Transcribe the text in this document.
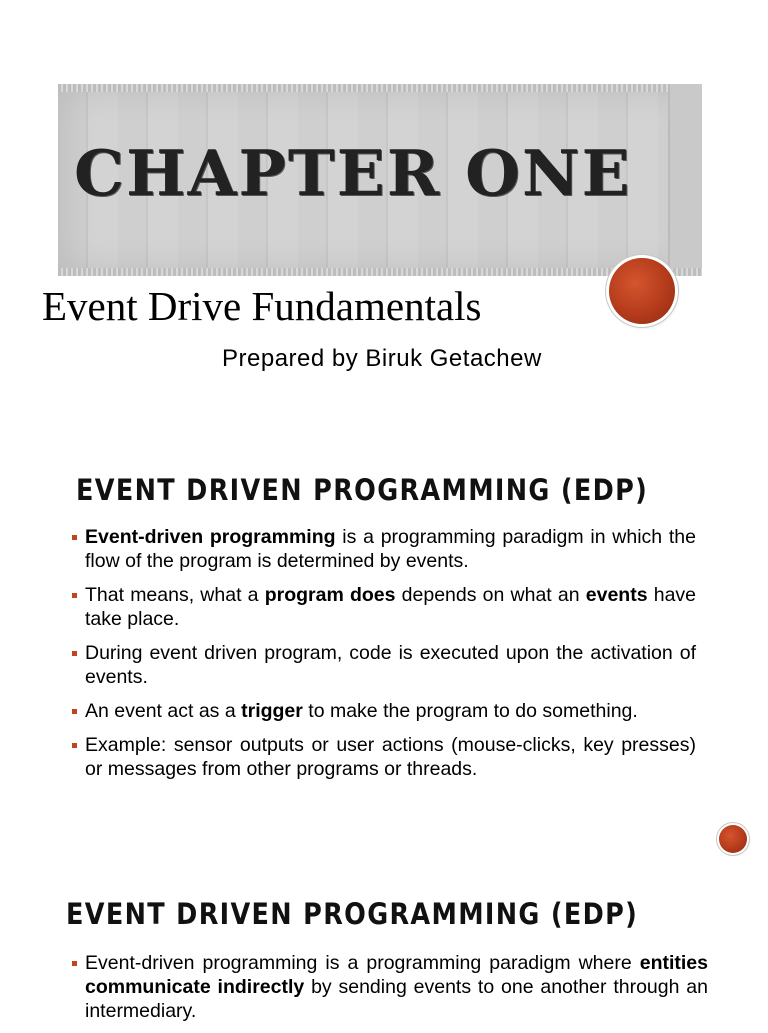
CHAPTER ONE
Event Drive Fundamentals

Prepared by Biruk Getachew

EVENT DRIVEN PROGRAMMING (EDP)
Event-driven programming is a programming paradigm in which the flow of the program is determined by events.
That means, what a program does depends on what an events have take place.
During event driven program, code is executed upon the activation of events.
An event act as a trigger to make the program to do something.
Example: sensor outputs or user actions (mouse-clicks, key presses) or messages from other programs or threads.
EVENT DRIVEN PROGRAMMING (EDP)
Event-driven programming is a programming paradigm where entities communicate indirectly by sending events to one another through an intermediary.
